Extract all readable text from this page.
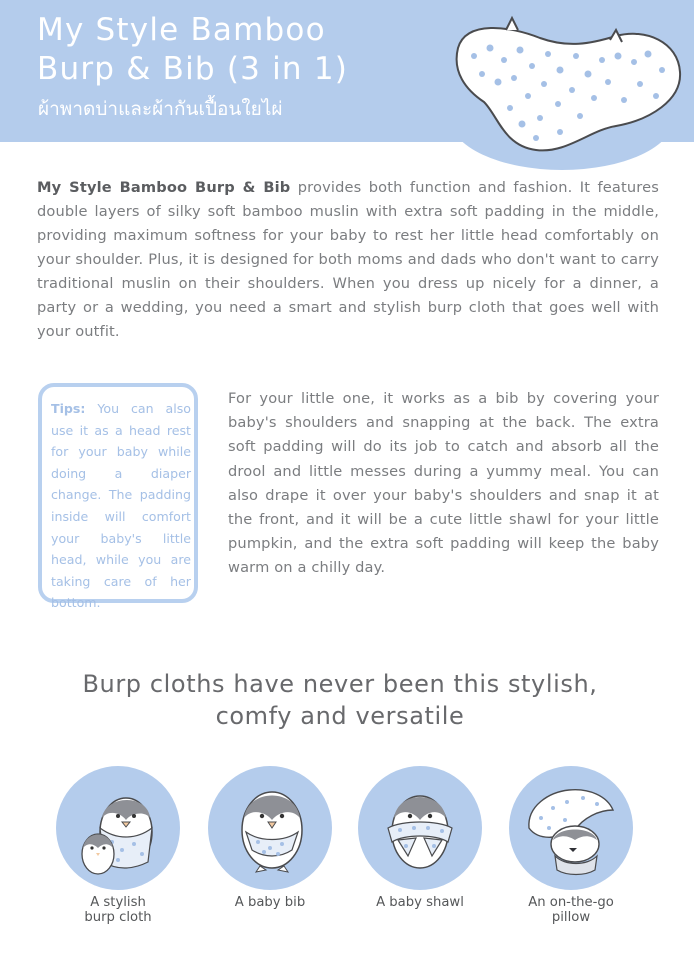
My Style Bamboo
Burp & Bib (3 in 1)
ผ้าพาดบ่าและผ้ากันเปื้อนใยไผ่
My Style Bamboo Burp & Bib provides both function and fashion. It features double layers of silky soft bamboo muslin with extra soft padding in the middle, providing maximum softness for your baby to rest her little head comfortably on your shoulder. Plus, it is designed for both moms and dads who don't want to carry traditional muslin on their shoulders. When you dress up nicely for a dinner, a party or a wedding, you need a smart and stylish burp cloth that goes well with your outfit.
Tips: You can also use it as a head rest for your baby while doing a diaper change. The padding inside will comfort your baby's little head, while you are taking care of her bottom.
For your little one, it works as a bib by covering your baby's shoulders and snapping at the back. The extra soft padding will do its job to catch and absorb all the drool and little messes during a yummy meal. You can also drape it over your baby's shoulders and snap it at the front, and it will be a cute little shawl for your little pumpkin, and the extra soft padding will keep the baby warm on a chilly day.
Burp cloths have never been this stylish,
comfy and versatile
A stylish
burp cloth
A baby bib	A baby shawl	An on-the-go
pillow
